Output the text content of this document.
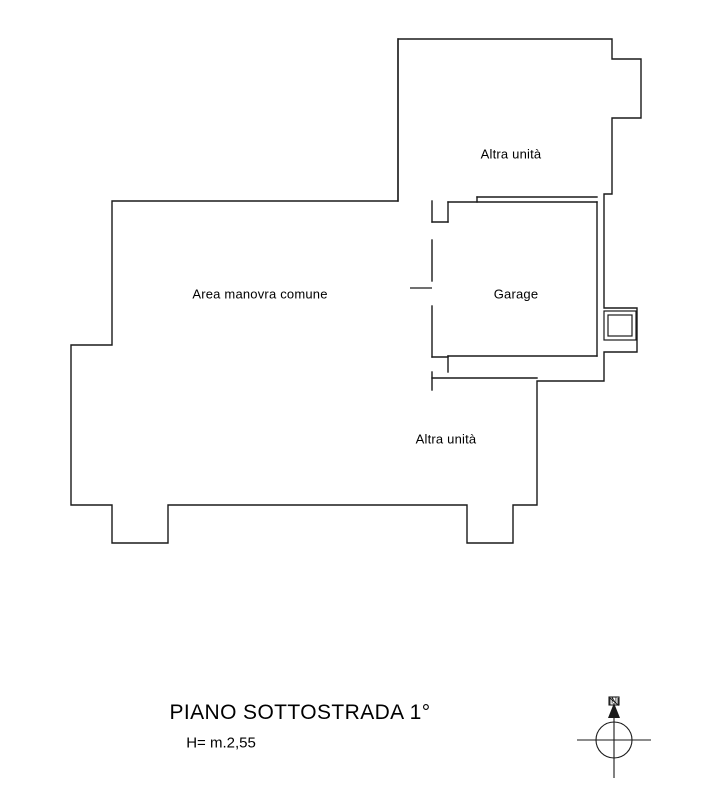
Area manovra comune	Garage
Altra unità
Altra unità
PIANO SOTTOSTRADA 1°
H= m.2,55
N
